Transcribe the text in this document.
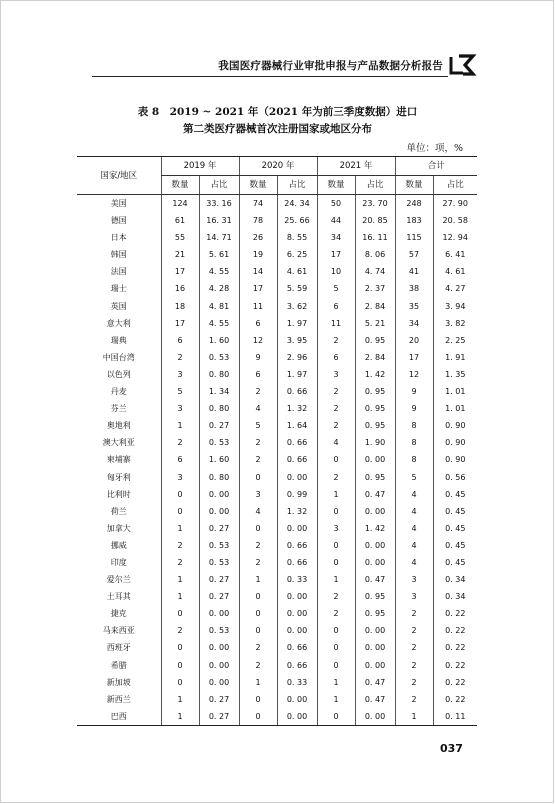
我国医疗器械行业审批申报与产品数据分析报告
表 8　2019 ~ 2021 年（2021 年为前三季度数据）进口
第二类医疗器械首次注册国家或地区分布
单位：项，%
国家/地区	2019 年		2020 年		2021 年		合计	
	数量	占比	数量	占比	数量	占比	数量	占比
美国	124	33. 16	74	24. 34	50	23. 70	248	27. 90
德国	61	16. 31	78	25. 66	44	20. 85	183	20. 58
日本	55	14. 71	26	8. 55	34	16. 11	115	12. 94
韩国	21	5. 61	19	6. 25	17	8. 06	57	6. 41
法国	17	4. 55	14	4. 61	10	4. 74	41	4. 61
瑞士	16	4. 28	17	5. 59	5	2. 37	38	4. 27
英国	18	4. 81	11	3. 62	6	2. 84	35	3. 94
意大利	17	4. 55	6	1. 97	11	5. 21	34	3. 82
瑞典	6	1. 60	12	3. 95	2	0. 95	20	2. 25
中国台湾	2	0. 53	9	2. 96	6	2. 84	17	1. 91
以色列	3	0. 80	6	1. 97	3	1. 42	12	1. 35
丹麦	5	1. 34	2	0. 66	2	0. 95	9	1. 01
芬兰	3	0. 80	4	1. 32	2	0. 95	9	1. 01
奥地利	1	0. 27	5	1. 64	2	0. 95	8	0. 90
澳大利亚	2	0. 53	2	0. 66	4	1. 90	8	0. 90
柬埔寨	6	1. 60	2	0. 66	0	0. 00	8	0. 90
匈牙利	3	0. 80	0	0. 00	2	0. 95	5	0. 56
比利时	0	0. 00	3	0. 99	1	0. 47	4	0. 45
荷兰	0	0. 00	4	1. 32	0	0. 00	4	0. 45
加拿大	1	0. 27	0	0. 00	3	1. 42	4	0. 45
挪威	2	0. 53	2	0. 66	0	0. 00	4	0. 45
印度	2	0. 53	2	0. 66	0	0. 00	4	0. 45
爱尔兰	1	0. 27	1	0. 33	1	0. 47	3	0. 34
土耳其	1	0. 27	0	0. 00	2	0. 95	3	0. 34
捷克	0	0. 00	0	0. 00	2	0. 95	2	0. 22
马来西亚	2	0. 53	0	0. 00	0	0. 00	2	0. 22
西班牙	0	0. 00	2	0. 66	0	0. 00	2	0. 22
希腊	0	0. 00	2	0. 66	0	0. 00	2	0. 22
新加坡	0	0. 00	1	0. 33	1	0. 47	2	0. 22
新西兰	1	0. 27	0	0. 00	1	0. 47	2	0. 22
巴西	1	0. 27	0	0. 00	0	0. 00	1	0. 11
037
